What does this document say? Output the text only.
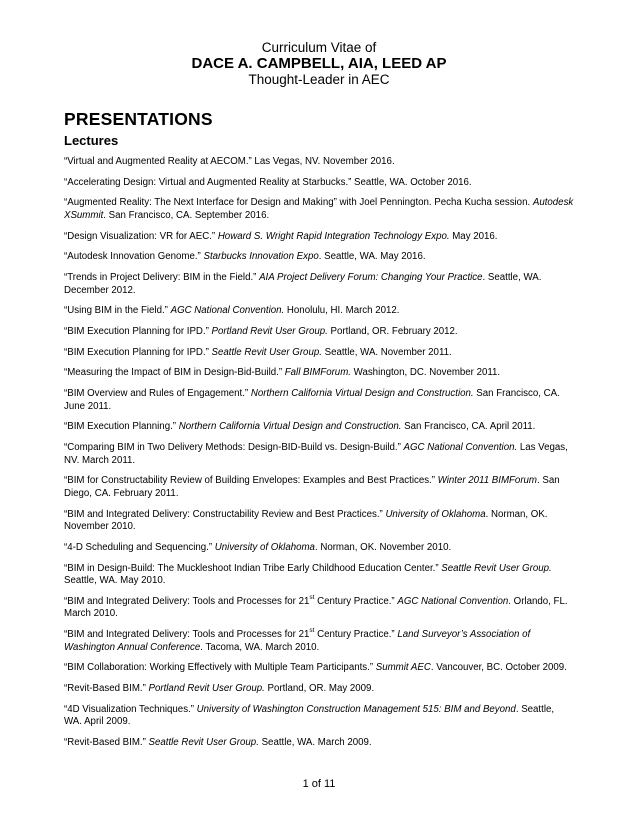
Curriculum Vitae of
DACE A. CAMPBELL, AIA, LEED AP
Thought-Leader in AEC
PRESENTATIONS
Lectures
“Virtual and Augmented Reality at AECOM.” Las Vegas, NV. November 2016.
“Accelerating Design: Virtual and Augmented Reality at Starbucks.” Seattle, WA. October 2016.
“Augmented Reality: The Next Interface for Design and Making” with Joel Pennington. Pecha Kucha session. Autodesk XSummit. San Francisco, CA. September 2016.
“Design Visualization: VR for AEC.” Howard S. Wright Rapid Integration Technology Expo. May 2016.
“Autodesk Innovation Genome.” Starbucks Innovation Expo. Seattle, WA. May 2016.
“Trends in Project Delivery: BIM in the Field.” AIA Project Delivery Forum: Changing Your Practice. Seattle, WA. December 2012.
“Using BIM in the Field.” AGC National Convention. Honolulu, HI. March 2012.
“BIM Execution Planning for IPD.” Portland Revit User Group. Portland, OR. February 2012.
“BIM Execution Planning for IPD.” Seattle Revit User Group. Seattle, WA. November 2011.
“Measuring the Impact of BIM in Design-Bid-Build.” Fall BIMForum. Washington, DC. November 2011.
“BIM Overview and Rules of Engagement.” Northern California Virtual Design and Construction. San Francisco, CA. June 2011.
“BIM Execution Planning.” Northern California Virtual Design and Construction. San Francisco, CA. April 2011.
“Comparing BIM in Two Delivery Methods: Design-BID-Build vs. Design-Build.” AGC National Convention. Las Vegas, NV. March 2011.
“BIM for Constructability Review of Building Envelopes: Examples and Best Practices.” Winter 2011 BIMForum. San Diego, CA. February 2011.
“BIM and Integrated Delivery: Constructability Review and Best Practices.” University of Oklahoma. Norman, OK. November 2010.
“4-D Scheduling and Sequencing.” University of Oklahoma. Norman, OK. November 2010.
“BIM in Design-Build: The Muckleshoot Indian Tribe Early Childhood Education Center.” Seattle Revit User Group. Seattle, WA. May 2010.
“BIM and Integrated Delivery: Tools and Processes for 21st Century Practice.” AGC National Convention. Orlando, FL. March 2010.
“BIM and Integrated Delivery: Tools and Processes for 21st Century Practice.” Land Surveyor’s Association of Washington Annual Conference. Tacoma, WA. March 2010.
“BIM Collaboration: Working Effectively with Multiple Team Participants.” Summit AEC. Vancouver, BC. October 2009.
“Revit-Based BIM.” Portland Revit User Group. Portland, OR. May 2009.
“4D Visualization Techniques.” University of Washington Construction Management 515: BIM and Beyond. Seattle, WA. April 2009.
“Revit-Based BIM.” Seattle Revit User Group. Seattle, WA. March 2009.
1 of 11
